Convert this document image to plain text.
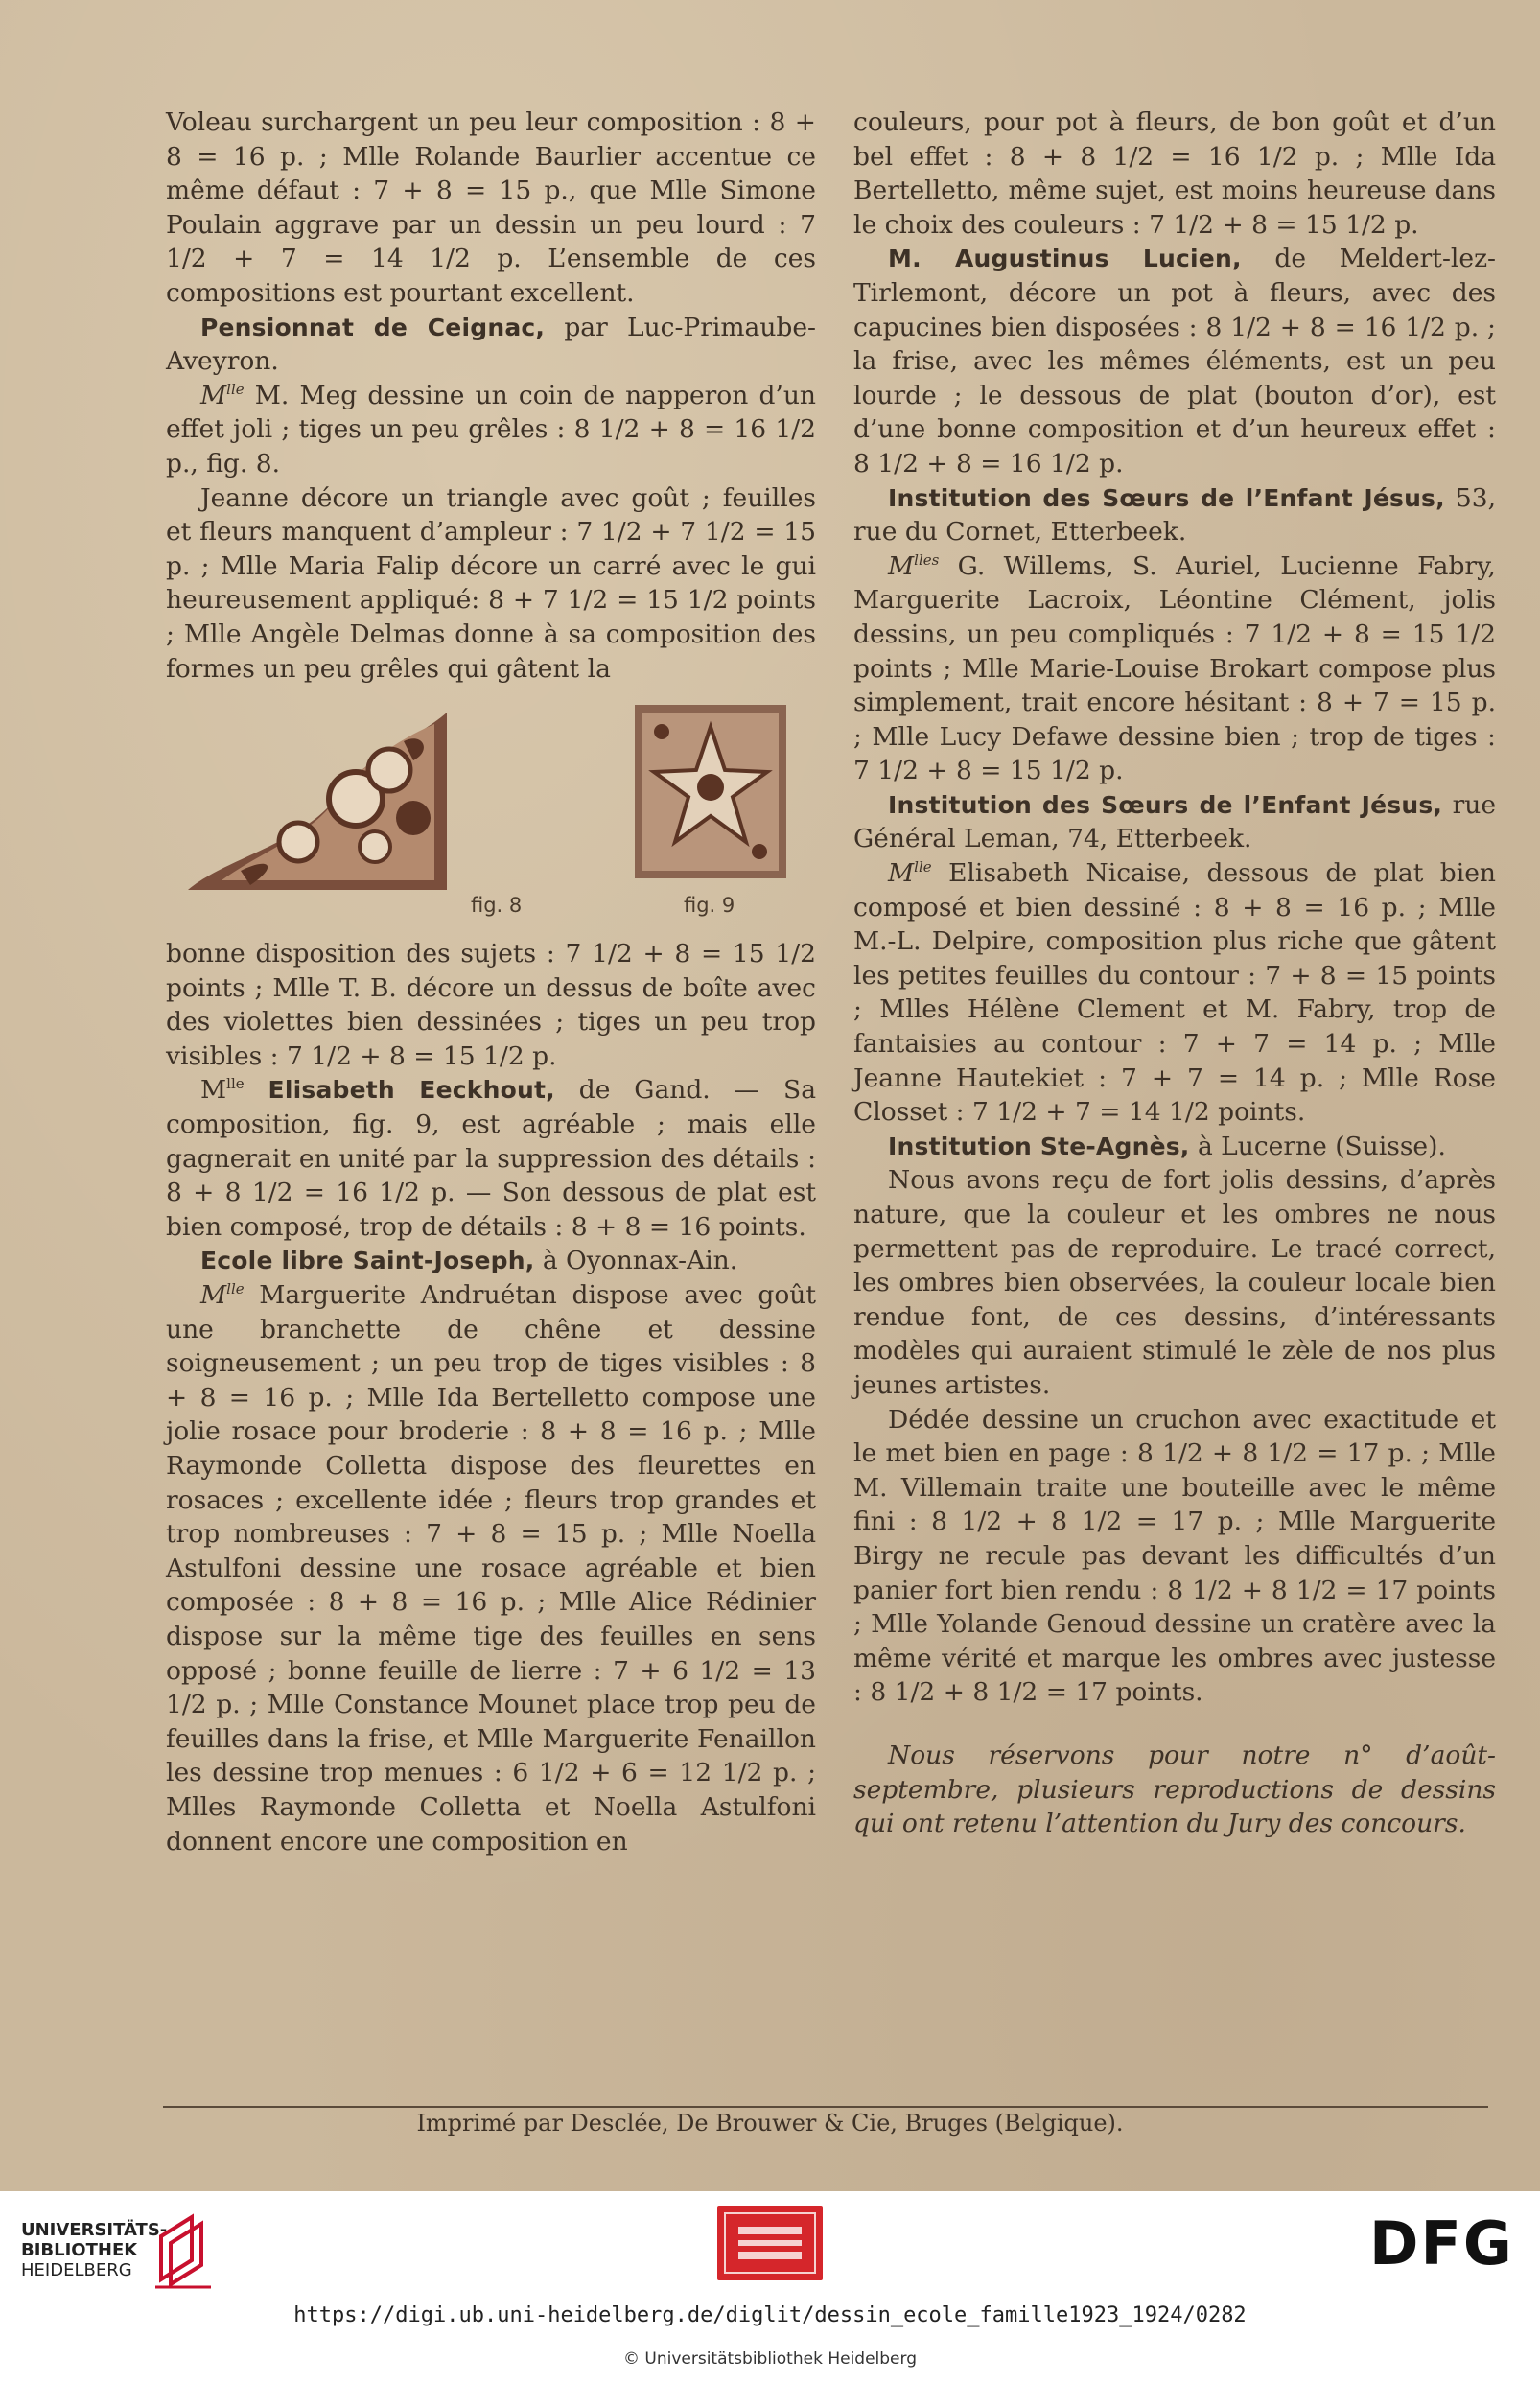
Voleau surchargent un peu leur composition : 8 + 8 = 16 p. ; Mlle Rolande Baurlier accentue ce même défaut : 7 + 8 = 15 p., que Mlle Simone Poulain aggrave par un dessin un peu lourd : 7 1/2 + 7 = 14 1/2 p. L’ensemble de ces compositions est pourtant excellent.

Pensionnat de Ceignac, par Luc-Primaube-Aveyron.

$M^{lle}$ M. Meg dessine un coin de napperon d’un effet joli ; tiges un peu grêles : 8 1/2 + 8 = 16 1/2 p., fig. 8.

Jeanne décore un triangle avec goût ; feuilles et fleurs manquent d’ampleur : 7 1/2 + 7 1/2 = 15 p. ; Mlle Maria Falip décore un carré avec le gui heureusement appliqué: 8 + 7 1/2 = 15 1/2 points ; Mlle Angèle Delmas donne à sa composition des formes un peu grêles qui gâtent la

fig. 8	fig. 9

bonne disposition des sujets : 7 1/2 + 8 = 15 1/2 points ; Mlle T. B. décore un dessus de boîte avec des violettes bien dessinées ; tiges un peu trop visibles : 7 1/2 + 8 = 15 1/2 p.

$M^{lle}$ Elisabeth Eeckhout, de Gand. — Sa composition, fig. 9, est agréable ; mais elle gagnerait en unité par la suppression des détails : 8 + 8 1/2 = 16 1/2 p. — Son dessous de plat est bien composé, trop de détails : 8 + 8 = 16 points.

Ecole libre Saint-Joseph, à Oyonnax-Ain.

$M^{lle}$ Marguerite Andruétan dispose avec goût une branchette de chêne et dessine soigneusement ; un peu trop de tiges visibles : 8 + 8 = 16 p. ; Mlle Ida Bertelletto compose une jolie rosace pour broderie : 8 + 8 = 16 p. ; Mlle Raymonde Colletta dispose des fleurettes en rosaces ; excellente idée ; fleurs trop grandes et trop nombreuses : 7 + 8 = 15 p. ; Mlle Noella Astulfoni dessine une rosace agréable et bien composée : 8 + 8 = 16 p. ; Mlle Alice Rédinier dispose sur la même tige des feuilles en sens opposé ; bonne feuille de lierre : 7 + 6 1/2 = 13 1/2 p. ; Mlle Constance Mounet place trop peu de feuilles dans la frise, et Mlle Marguerite Fenaillon les dessine trop menues : 6 1/2 + 6 = 12 1/2 p. ; Mlles Raymonde Colletta et Noella Astulfoni donnent encore une composition en

couleurs, pour pot à fleurs, de bon goût et d’un bel effet : 8 + 8 1/2 = 16 1/2 p. ; Mlle Ida Bertelletto, même sujet, est moins heureuse dans le choix des couleurs : 7 1/2 + 8 = 15 1/2 p.

M. Augustinus Lucien, de Meldert-lez-Tirlemont, décore un pot à fleurs, avec des capucines bien disposées : 8 1/2 + 8 = 16 1/2 p. ; la frise, avec les mêmes éléments, est un peu lourde ; le dessous de plat (bouton d’or), est d’une bonne composition et d’un heureux effet : 8 1/2 + 8 = 16 1/2 p.

Institution des Sœurs de l’Enfant Jésus, 53, rue du Cornet, Etterbeek.

$M^{lles}$ G. Willems, S. Auriel, Lucienne Fabry, Marguerite Lacroix, Léontine Clément, jolis dessins, un peu compliqués : 7 1/2 + 8 = 15 1/2 points ; Mlle Marie-Louise Brokart compose plus simplement, trait encore hésitant : 8 + 7 = 15 p. ; Mlle Lucy Defawe dessine bien ; trop de tiges : 7 1/2 + 8 = 15 1/2 p.

Institution des Sœurs de l’Enfant Jésus, rue Général Leman, 74, Etterbeek.

$M^{lle}$ Elisabeth Nicaise, dessous de plat bien composé et bien dessiné : 8 + 8 = 16 p. ; Mlle M.-L. Delpire, composition plus riche que gâtent les petites feuilles du contour : 7 + 8 = 15 points ; Mlles Hélène Clement et M. Fabry, trop de fantaisies au contour : 7 + 7 = 14 p. ; Mlle Jeanne Hautekiet : 7 + 7 = 14 p. ; Mlle Rose Closset : 7 1/2 + 7 = 14 1/2 points.

Institution Ste-Agnès, à Lucerne (Suisse).

Nous avons reçu de fort jolis dessins, d’après nature, que la couleur et les ombres ne nous permettent pas de reproduire. Le tracé correct, les ombres bien observées, la couleur locale bien rendue font, de ces dessins, d’intéressants modèles qui auraient stimulé le zèle de nos plus jeunes artistes.

Dédée dessine un cruchon avec exactitude et le met bien en page : 8 1/2 + 8 1/2 = 17 p. ; Mlle M. Villemain traite une bouteille avec le même fini : 8 1/2 + 8 1/2 = 17 p. ; Mlle Marguerite Birgy ne recule pas devant les difficultés d’un panier fort bien rendu : 8 1/2 + 8 1/2 = 17 points ; Mlle Yolande Genoud dessine un cratère avec la même vérité et marque les ombres avec justesse : 8 1/2 + 8 1/2 = 17 points.

Nous réservons pour notre n° d’août-septembre, plusieurs reproductions de dessins qui ont retenu l’attention du Jury des concours.

Imprimé par Desclée, De Brouwer & Cie, Bruges (Belgique).
UNIVERSITÄTS-
BIBLIOTHEK
HEIDELBERG	DFG
https://digi.ub.uni-heidelberg.de/diglit/dessin_ecole_famille1923_1924/0282
© Universitätsbibliothek Heidelberg
